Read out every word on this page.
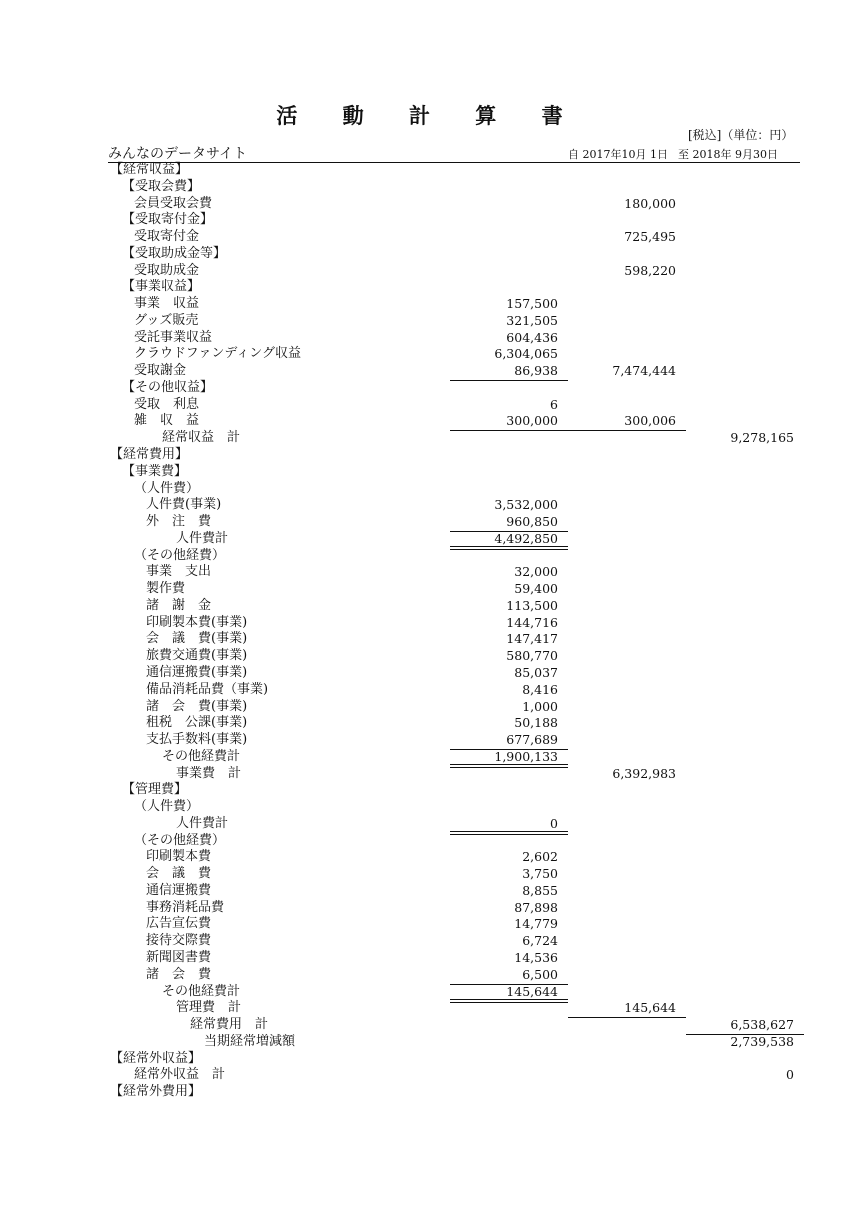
活 動 計 算 書
[税込]（単位：円）
みんなのデータサイト	自 2017年10月 1日 至 2018年 9月30日
【経常収益】
【受取会費】
会員受取会費	180,000
【受取寄付金】
受取寄付金	725,495
【受取助成金等】
受取助成金	598,220
【事業収益】
事業　収益	157,500
グッズ販売	321,505
受託事業収益	604,436
クラウドファンディング収益	6,304,065
受取謝金	86,938	7,474,444
【その他収益】
受取　利息	6
雑　収　益	300,000	300,006
経常収益　計	9,278,165
【経常費用】
【事業費】
（人件費）
人件費(事業)	3,532,000
外　注　費	960,850
人件費計	4,492,850
（その他経費）
事業　支出	32,000
製作費	59,400
諸　謝　金	113,500
印刷製本費(事業)	144,716
会　議　費(事業)	147,417
旅費交通費(事業)	580,770
通信運搬費(事業)	85,037
備品消耗品費（事業)	8,416
諸　会　費(事業)	1,000
租税　公課(事業)	50,188
支払手数料(事業)	677,689
その他経費計	1,900,133
事業費　計	6,392,983
【管理費】
（人件費）
人件費計	0
（その他経費）
印刷製本費	2,602
会　議　費	3,750
通信運搬費	8,855
事務消耗品費	87,898
広告宣伝費	14,779
接待交際費	6,724
新聞図書費	14,536
諸　会　費	6,500
その他経費計	145,644
管理費　計	145,644
経常費用　計	6,538,627
当期経常増減額	2,739,538
【経常外収益】
経常外収益　計	0
【経常外費用】
